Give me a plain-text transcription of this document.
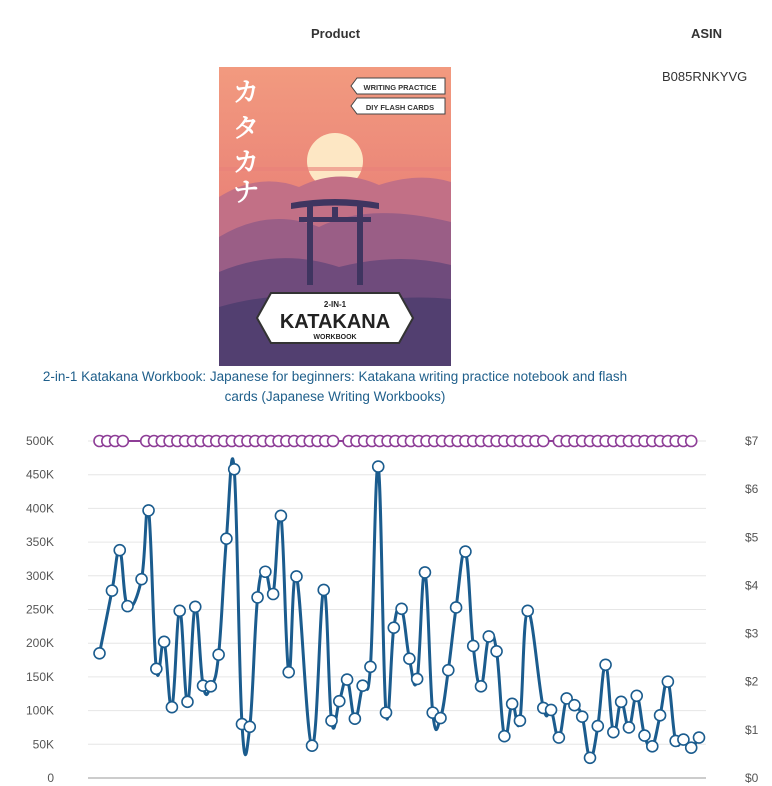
Product	ASIN
B085RNKYVG
カ
タ
カ
ナ
WRITING PRACTICE
DIY FLASH CARDS
2-IN-1
KATAKANA
WORKBOOK
2-in-1 Katakana Workbook: Japanese for beginners: Katakana writing practice notebook and flash cards (Japanese Writing Workbooks)
0
50K
100K
150K
200K
250K
300K
350K
400K
450K
500K
$0
$1
$2
$3
$4
$5
$6
$7
